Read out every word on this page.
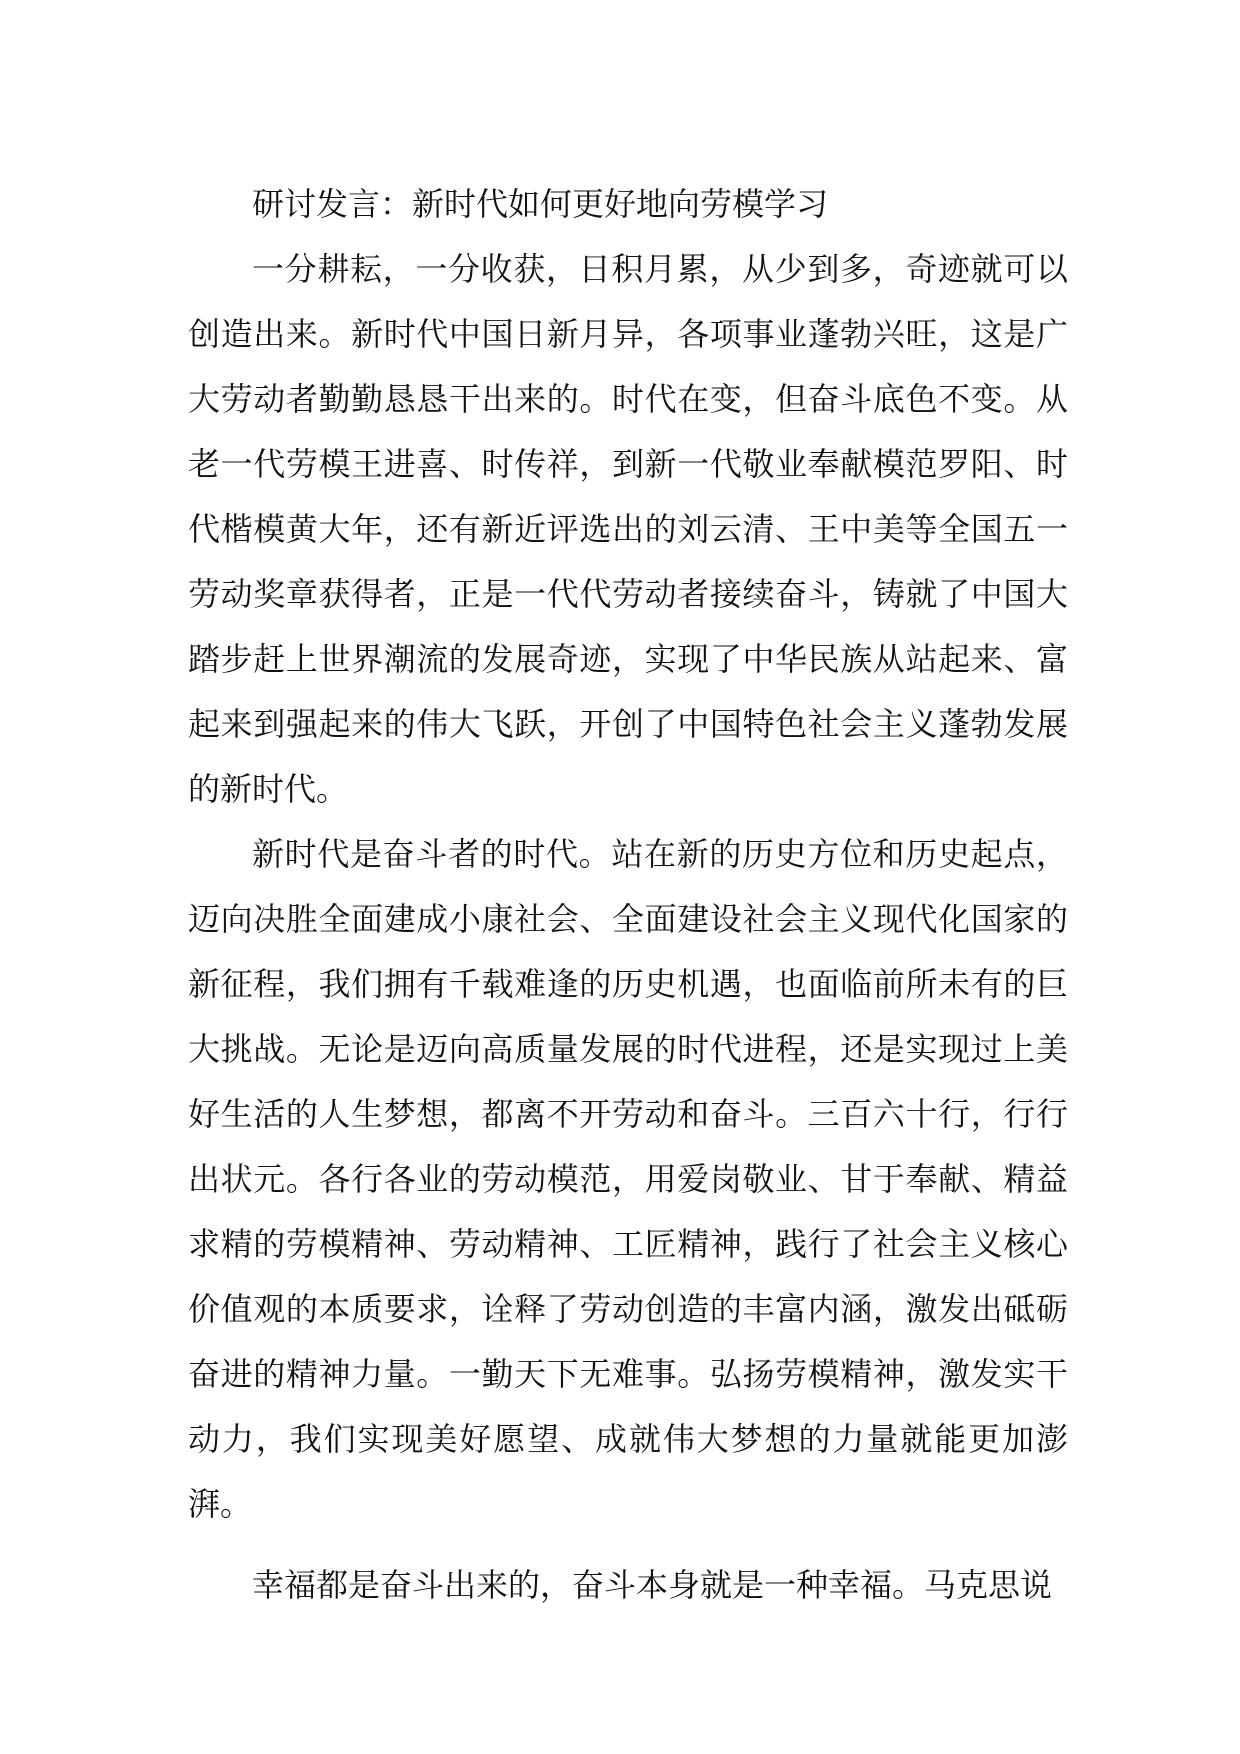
研讨发言：新时代如何更好地向劳模学习

一分耕耘，一分收获，日积月累，从少到多，奇迹就可以创造出来。新时代中国日新月异，各项事业蓬勃兴旺，这是广大劳动者勤勤恳恳干出来的。时代在变，但奋斗底色不变。从老一代劳模王进喜、时传祥，到新一代敬业奉献模范罗阳、时代楷模黄大年，还有新近评选出的刘云清、王中美等全国五一劳动奖章获得者，正是一代代劳动者接续奋斗，铸就了中国大踏步赶上世界潮流的发展奇迹，实现了中华民族从站起来、富起来到强起来的伟大飞跃，开创了中国特色社会主义蓬勃发展的新时代。

新时代是奋斗者的时代。站在新的历史方位和历史起点，迈向决胜全面建成小康社会、全面建设社会主义现代化国家的新征程，我们拥有千载难逢的历史机遇，也面临前所未有的巨大挑战。无论是迈向高质量发展的时代进程，还是实现过上美好生活的人生梦想，都离不开劳动和奋斗。三百六十行，行行出状元。各行各业的劳动模范，用爱岗敬业、甘于奉献、精益求精的劳模精神、劳动精神、工匠精神，践行了社会主义核心价值观的本质要求，诠释了劳动创造的丰富内涵，激发出砥砺奋进的精神力量。一勤天下无难事。弘扬劳模精神，激发实干动力，我们实现美好愿望、成就伟大梦想的力量就能更加澎湃。

幸福都是奋斗出来的，奋斗本身就是一种幸福。马克思说
